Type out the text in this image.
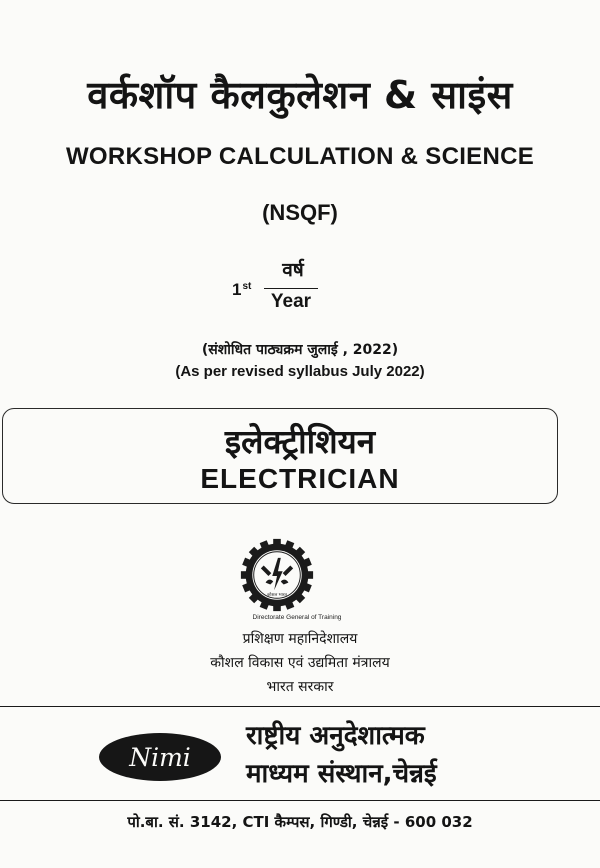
वर्कशॉप कैलकुलेशन & साइंस
WORKSHOP CALCULATION & SCIENCE
(NSQF)
1st
वर्ष
Year
(संशोधित पाठ्यक्रम जुलाई , 2022)
(As per revised syllabus July 2022)
इलेक्ट्रीशियन
ELECTRICIAN
कौशल भारत
Directorate General of Training
प्रशिक्षण महानिदेशालय
कौशल विकास एवं उद्यमिता मंत्रालय
भारत सरकार
Nimi
राष्ट्रीय अनुदेशात्मक
माध्यम संस्थान,चेन्नई
पो.बा. सं. 3142, CTI कैम्पस, गिण्डी, चेन्नई - 600 032
